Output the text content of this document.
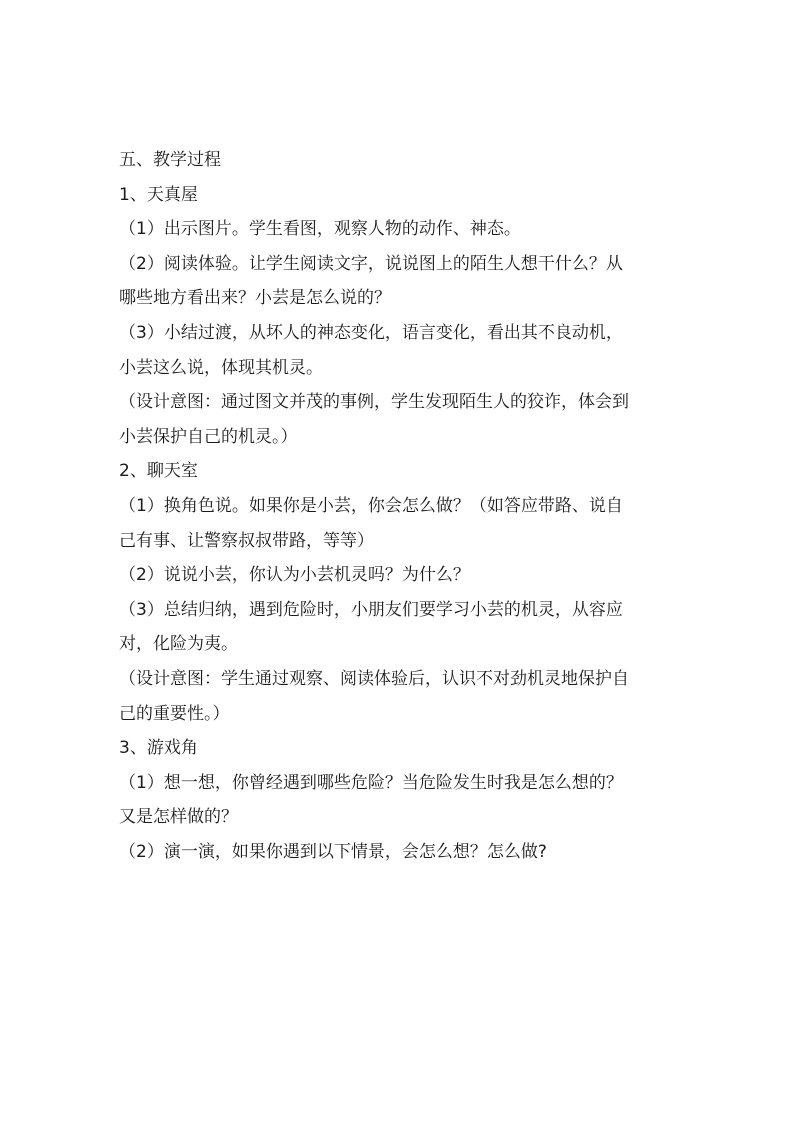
五、教学过程

1、天真屋

（1）出示图片。学生看图，观察人物的动作、神态。

（2）阅读体验。让学生阅读文字，说说图上的陌生人想干什么？从

哪些地方看出来？小芸是怎么说的？

（3）小结过渡，从坏人的神态变化，语言变化，看出其不良动机，

小芸这么说，体现其机灵。

（设计意图：通过图文并茂的事例，学生发现陌生人的狡诈，体会到

小芸保护自己的机灵。）

2、聊天室

（1）换角色说。如果你是小芸，你会怎么做？（如答应带路、说自

己有事、让警察叔叔带路，等等）

（2）说说小芸，你认为小芸机灵吗？为什么？

（3）总结归纳，遇到危险时，小朋友们要学习小芸的机灵，从容应

对，化险为夷。

（设计意图：学生通过观察、阅读体验后，认识不对劲机灵地保护自

己的重要性。）

3、游戏角

（1）想一想，你曾经遇到哪些危险？当危险发生时我是怎么想的？

又是怎样做的？

（2）演一演，如果你遇到以下情景，会怎么想？怎么做?
